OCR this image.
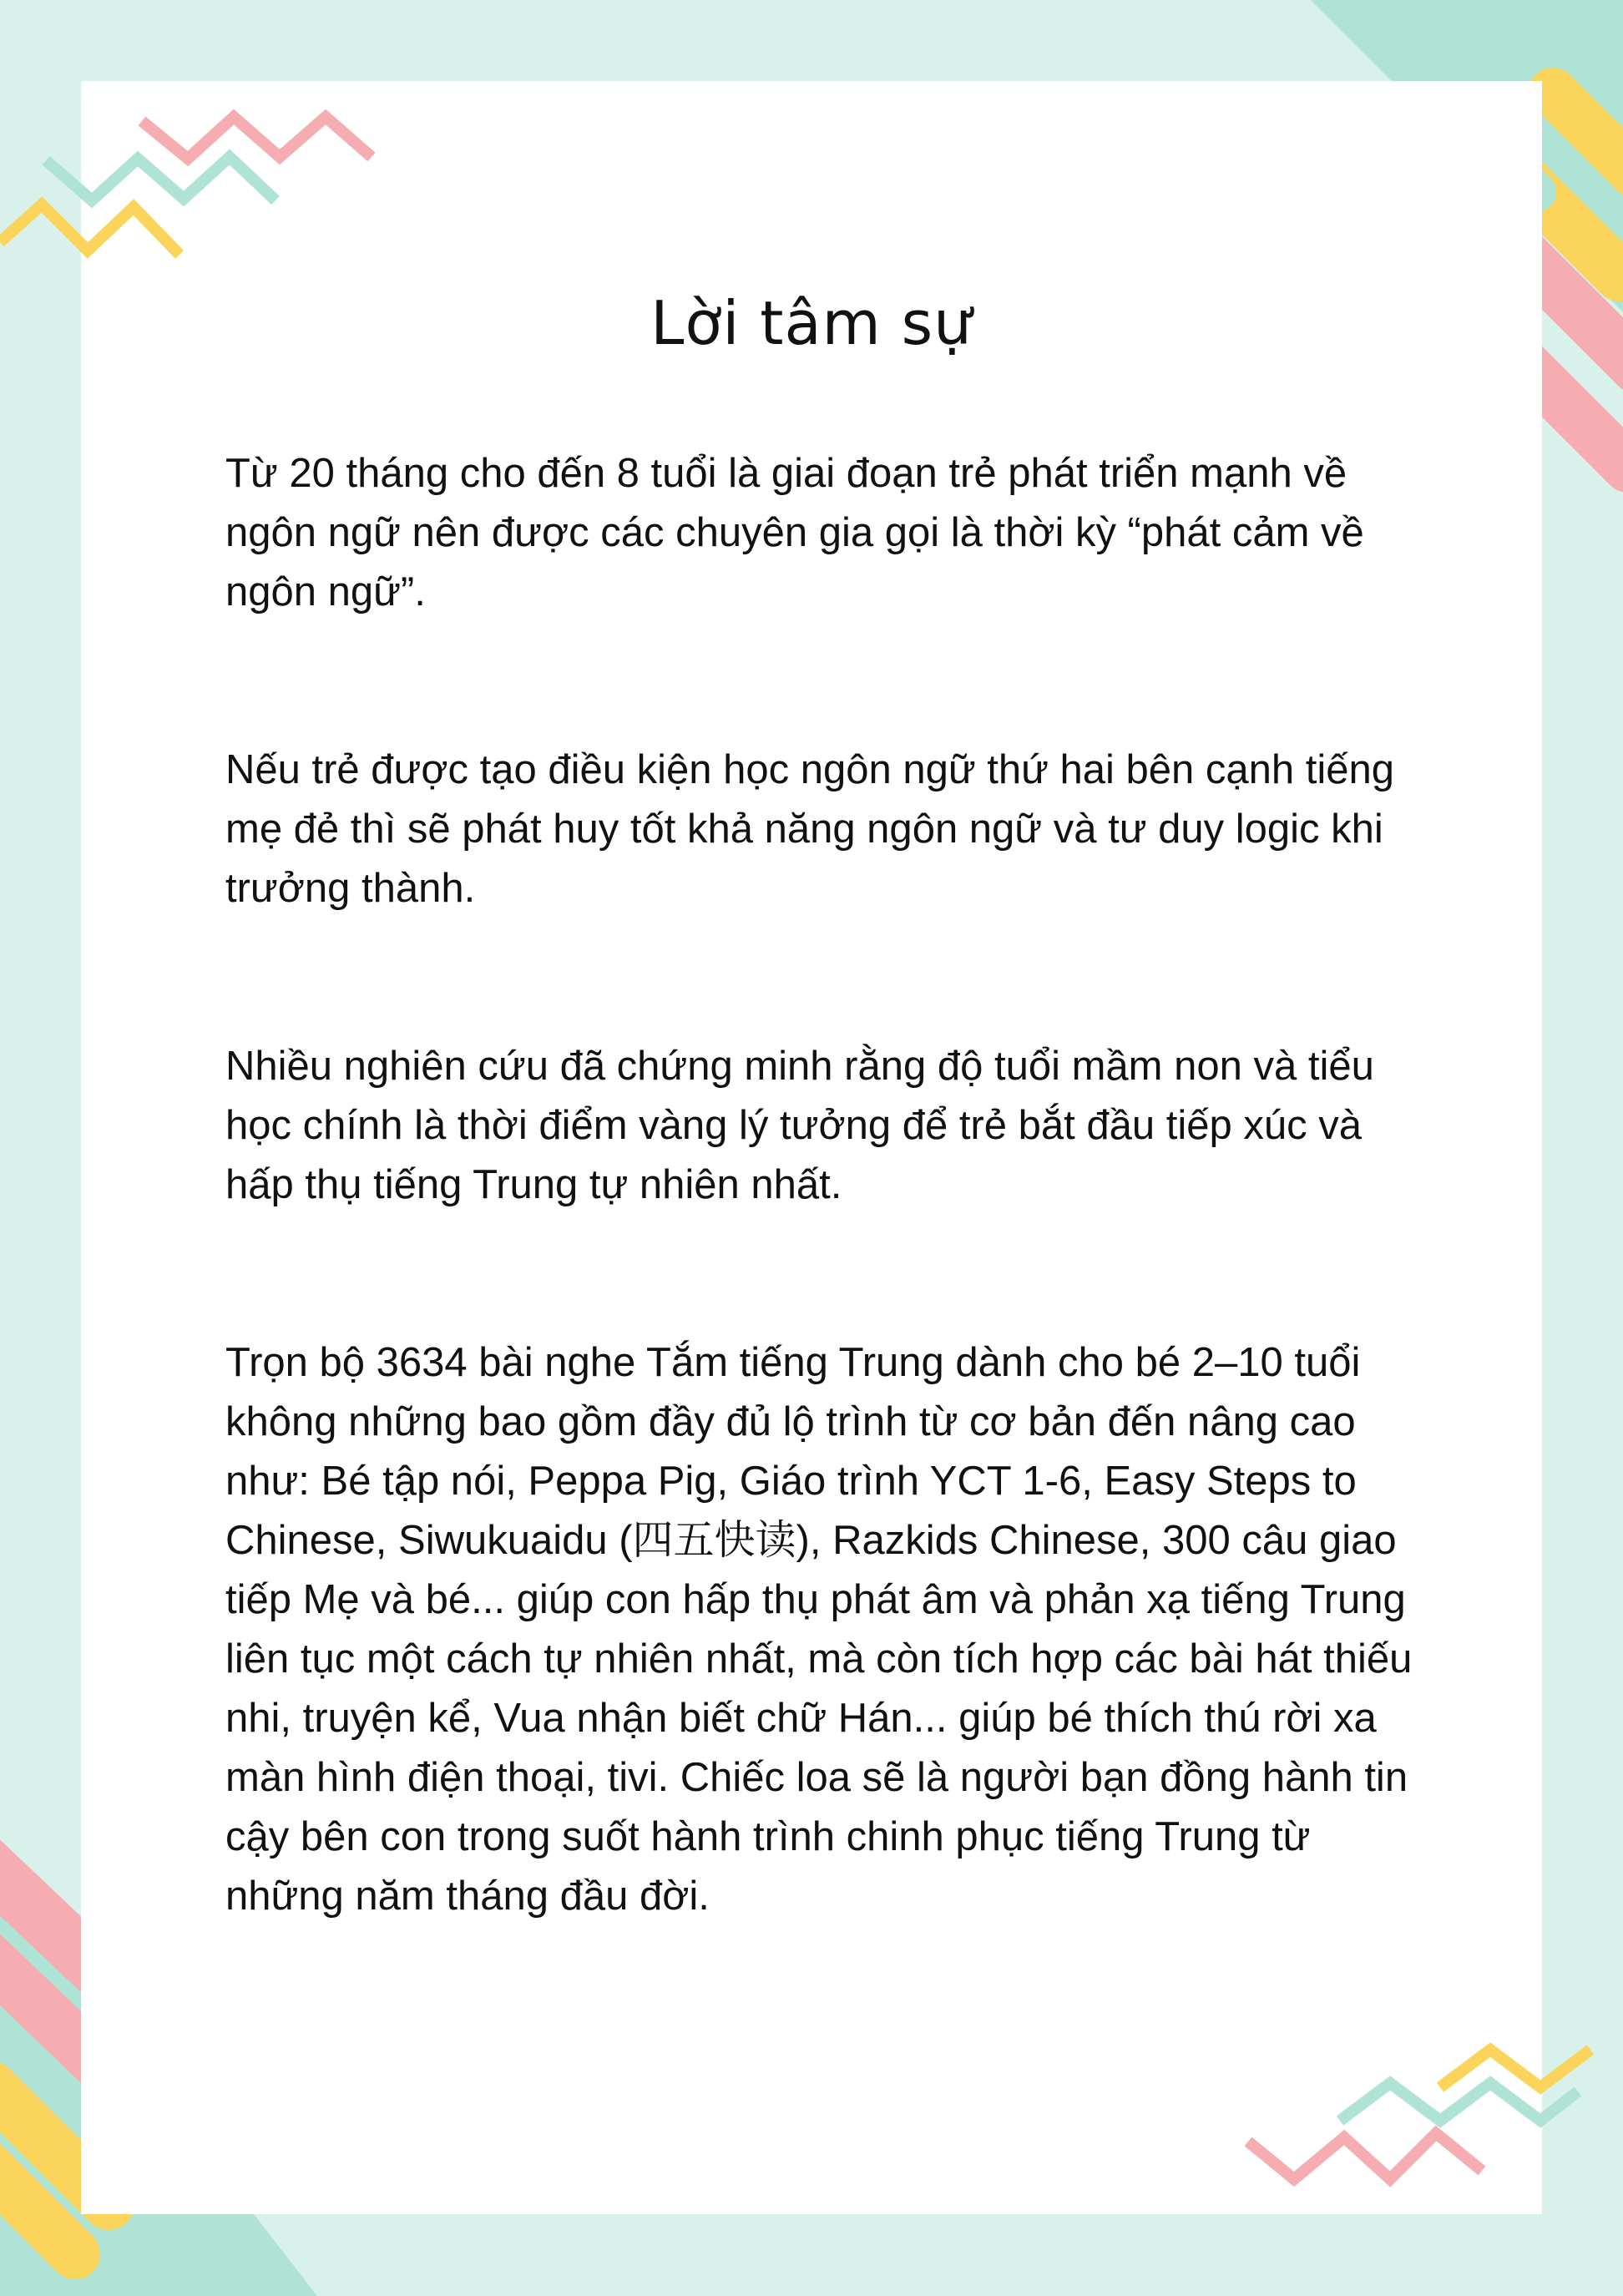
Lời tâm sự

Từ 20 tháng cho đến 8 tuổi là giai đoạn trẻ phát triển mạnh về ngôn ngữ nên được các chuyên gia gọi là thời kỳ “phát cảm về ngôn ngữ”.

Nếu trẻ được tạo điều kiện học ngôn ngữ thứ hai bên cạnh tiếng mẹ đẻ thì sẽ phát huy tốt khả năng ngôn ngữ và tư duy logic khi trưởng thành.

Nhiều nghiên cứu đã chứng minh rằng độ tuổi mầm non và tiểu học chính là thời điểm vàng lý tưởng để trẻ bắt đầu tiếp xúc và hấp thụ tiếng Trung tự nhiên nhất.

Trọn bộ 3634 bài nghe Tắm tiếng Trung dành cho bé 2–10 tuổi không những bao gồm đầy đủ lộ trình từ cơ bản đến nâng cao như: Bé tập nói, Peppa Pig, Giáo trình YCT 1-6, Easy Steps to Chinese, Siwukuaidu (四五快读), Razkids Chinese, 300 câu giao tiếp Mẹ và bé... giúp con hấp thụ phát âm và phản xạ tiếng Trung liên tục một cách tự nhiên nhất, mà còn tích hợp các bài hát thiếu nhi, truyện kể, Vua nhận biết chữ Hán... giúp bé thích thú rời xa màn hình điện thoại, tivi. Chiếc loa sẽ là người bạn đồng hành tin cậy bên con trong suốt hành trình chinh phục tiếng Trung từ những năm tháng đầu đời.
